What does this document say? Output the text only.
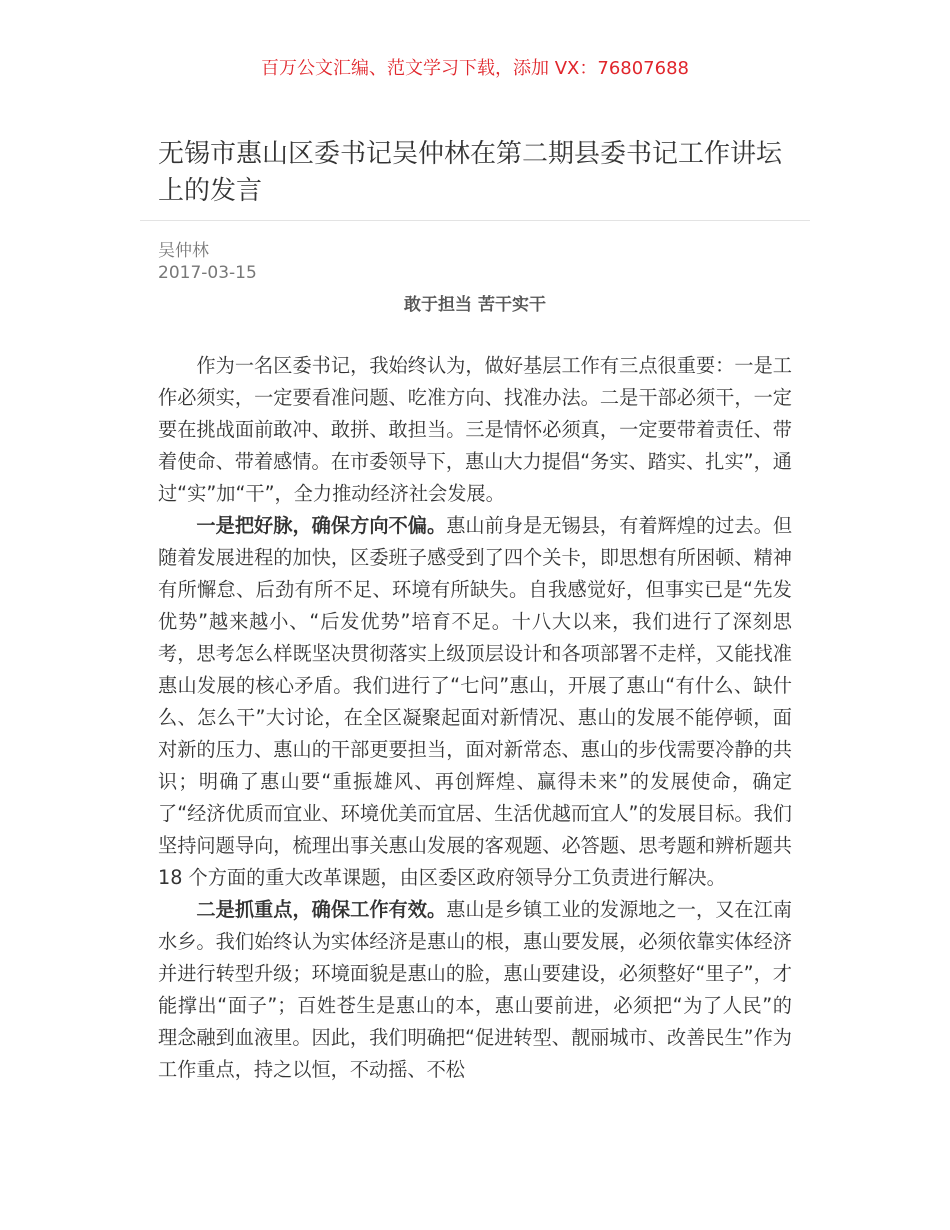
百万公文汇编、范文学习下载，添加 VX：76807688
无锡市惠山区委书记吴仲林在第二期县委书记工作讲坛上的发言
吴仲林
2017-03-15
敢于担当 苦干实干

作为一名区委书记，我始终认为，做好基层工作有三点很重要：一是工作必须实，一定要看准问题、吃准方向、找准办法。二是干部必须干，一定要在挑战面前敢冲、敢拼、敢担当。三是情怀必须真，一定要带着责任、带着使命、带着感情。在市委领导下，惠山大力提倡“务实、踏实、扎实”，通过“实”加“干”，全力推动经济社会发展。

一是把好脉，确保方向不偏。惠山前身是无锡县，有着辉煌的过去。但随着发展进程的加快，区委班子感受到了四个关卡，即思想有所困顿、精神有所懈怠、后劲有所不足、环境有所缺失。自我感觉好，但事实已是“先发优势”越来越小、“后发优势”培育不足。十八大以来，我们进行了深刻思考，思考怎么样既坚决贯彻落实上级顶层设计和各项部署不走样，又能找准惠山发展的核心矛盾。我们进行了“七问”惠山，开展了惠山“有什么、缺什么、怎么干”大讨论，在全区凝聚起面对新情况、惠山的发展不能停顿，面对新的压力、惠山的干部更要担当，面对新常态、惠山的步伐需要冷静的共识；明确了惠山要“重振雄风、再创辉煌、赢得未来”的发展使命，确定了“经济优质而宜业、环境优美而宜居、生活优越而宜人”的发展目标。我们坚持问题导向，梳理出事关惠山发展的客观题、必答题、思考题和辨析题共 18 个方面的重大改革课题，由区委区政府领导分工负责进行解决。

二是抓重点，确保工作有效。惠山是乡镇工业的发源地之一，又在江南水乡。我们始终认为实体经济是惠山的根，惠山要发展，必须依靠实体经济并进行转型升级；环境面貌是惠山的脸，惠山要建设，必须整好“里子”，才能撑出“面子”；百姓苍生是惠山的本，惠山要前进，必须把“为了人民”的理念融到血液里。因此，我们明确把“促进转型、靓丽城市、改善民生”作为工作重点，持之以恒，不动摇、不松
